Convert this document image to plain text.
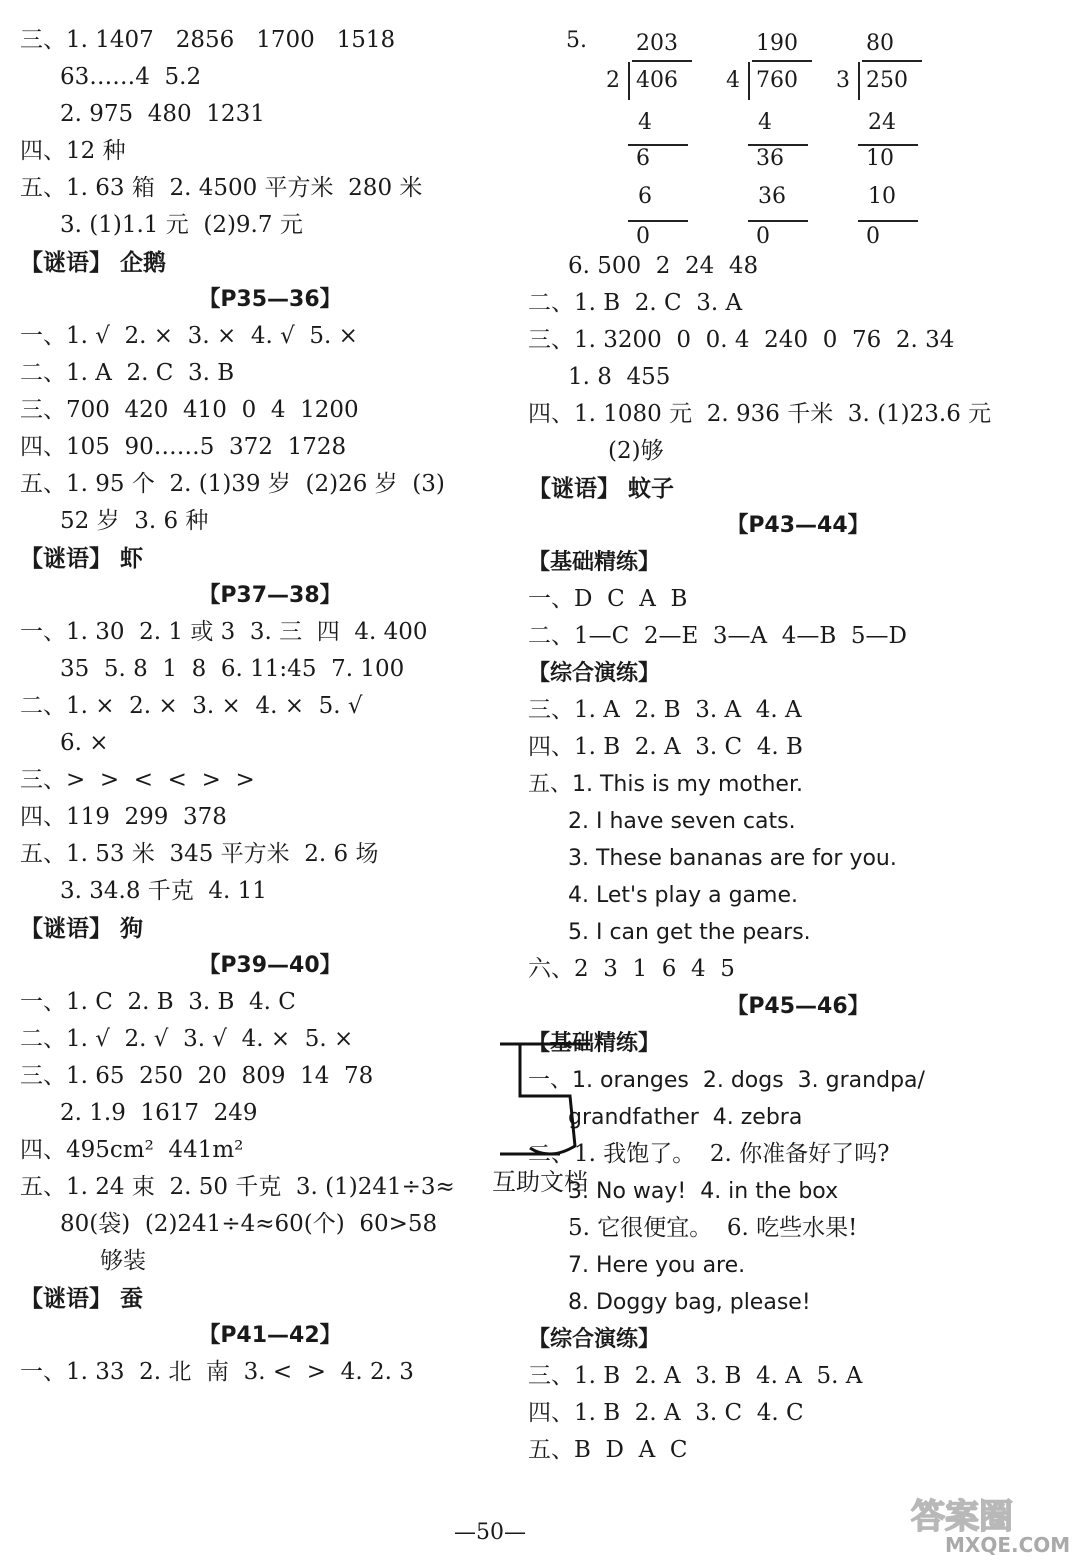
三、1. 1407   2856   1700   1518
63……4  5.2
2. 975  480  1231
四、12 种
五、1. 63 箱  2. 4500 平方米  280 米
3. (1)1.1 元  (2)9.7 元
【谜语】 企鹅
【P35—36】
一、1. √  2. ×  3. ×  4. √  5. ×
二、1. A  2. C  3. B
三、700  420  410  0  4  1200
四、105  90……5  372  1728
五、1. 95 个  2. (1)39 岁  (2)26 岁  (3)
52 岁  3. 6 种
【谜语】 虾
【P37—38】
一、1. 30  2. 1 或 3  3. 三  四  4. 400
35  5. 8  1  8  6. 11:45  7. 100
二、1. ×  2. ×  3. ×  4. ×  5. √
6. ×
三、>  >  <  <  >  >
四、119  299  378
五、1. 53 米  345 平方米  2. 6 场
3. 34.8 千克  4. 11
【谜语】 狗
【P39—40】
一、1. C  2. B  3. B  4. C
二、1. √  2. √  3. √  4. ×  5. ×
三、1. 65  250  20  809  14  78
2. 1.9  1617  249
四、495cm²  441m²
五、1. 24 束  2. 50 千克  3. (1)241÷3≈
80(袋)  (2)241÷4≈60(个)  60>58
够装
【谜语】 蚕
【P41—42】
一、1. 33  2. 北  南  3. <  >  4. 2. 3
5. 203
2 406
4
6
6
0
190
4 760
4
36
36
0
80
3 250
24
10
10
0
6. 500  2  24  48
二、1. B  2. C  3. A
三、1. 3200  0  0. 4  240  0  76  2. 34
1. 8  455
四、1. 1080 元  2. 936 千米  3. (1)23.6 元
(2)够
【谜语】 蚊子
【P43—44】
【基础精练】
一、D  C  A  B
二、1—C  2—E  3—A  4—B  5—D
【综合演练】
三、1. A  2. B  3. A  4. A
四、1. B  2. A  3. C  4. B
五、1. This is my mother.
2. I have seven cats.
3. These bananas are for you.
4. Let's play a game.
5. I can get the pears.
六、2  3  1  6  4  5
【P45—46】
【基础精练】
一、1. oranges  2. dogs  3. grandpa/
grandfather  4. zebra
二、1. 我饱了。  2. 你准备好了吗?
3. No way!  4. in the box
5. 它很便宜。  6. 吃些水果!
7. Here you are.
8. Doggy bag, please!
【综合演练】
三、1. B  2. A  3. B  4. A  5. A
四、1. B  2. A  3. C  4. C
五、B  D  A  C
互助文档
—50—	答案圈
MXQE.COM
